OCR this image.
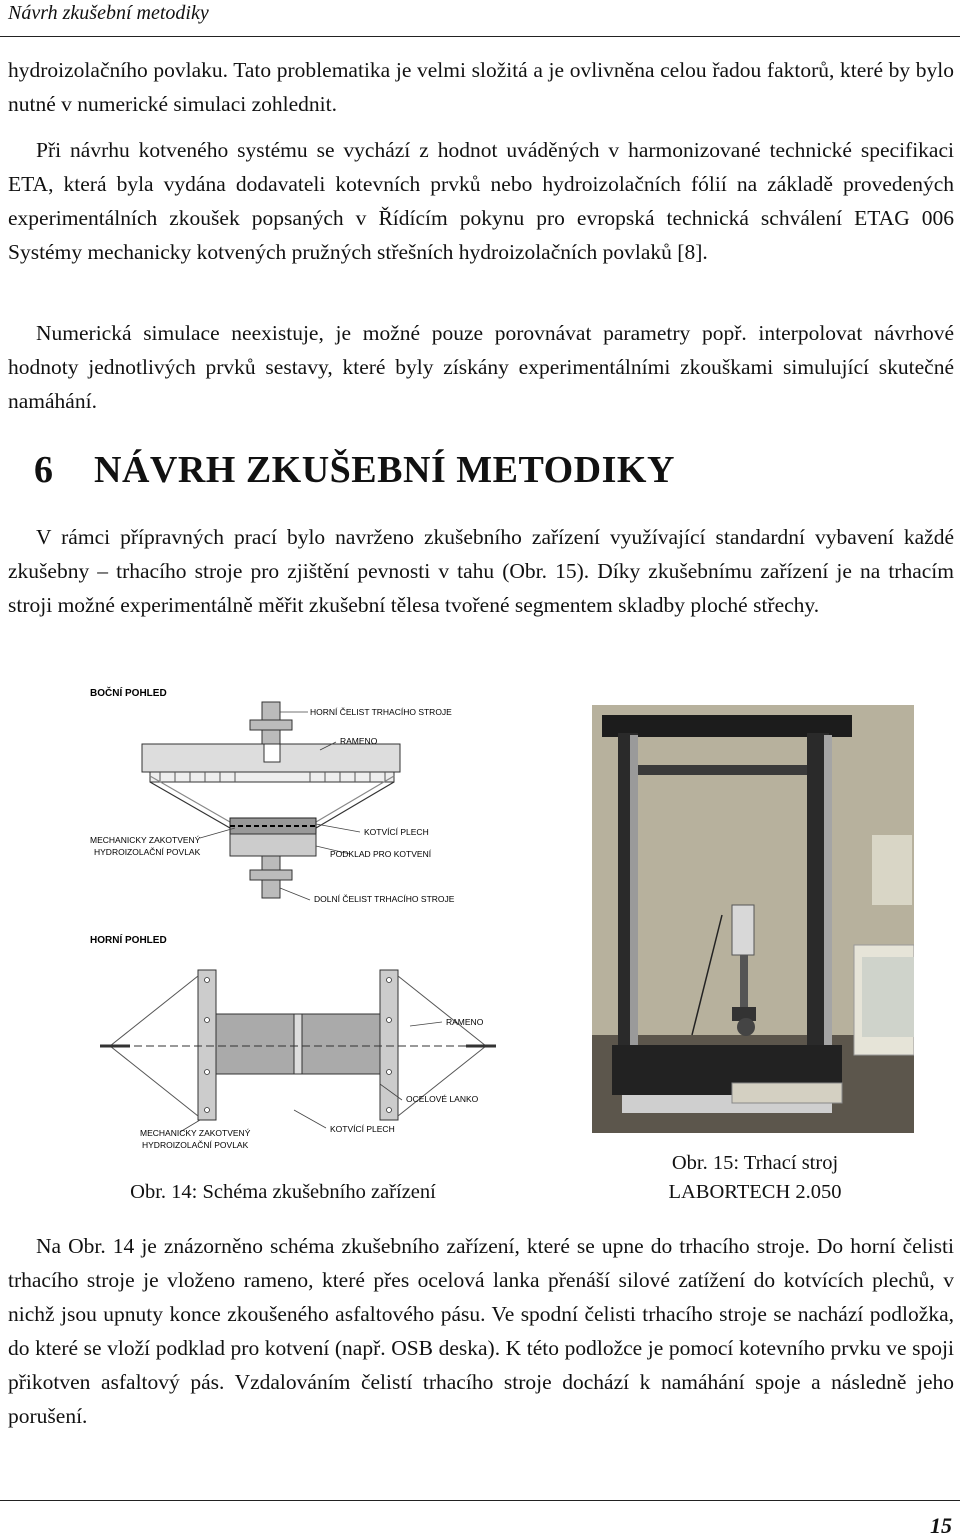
Návrh zkušební metodiky

hydroizolačního povlaku. Tato problematika je velmi složitá a je ovlivněna celou řadou faktorů, které by bylo nutné v numerické simulaci zohlednit.

Při návrhu kotveného systému se vychází z hodnot uváděných v harmonizované technické specifikaci ETA, která byla vydána dodavateli kotevních prvků nebo hydroizolačních fólií na základě provedených experimentálních zkoušek popsaných v Řídícím pokynu pro evropská technická schválení ETAG 006 Systémy mechanicky kotvených pružných střešních hydroizolačních povlaků [8].

Numerická simulace neexistuje, je možné pouze porovnávat parametry popř. interpolovat návrhové hodnoty jednotlivých prvků sestavy, které byly získány experimentálními zkouškami simulující skutečné namáhání.

6 NÁVRH ZKUŠEBNÍ METODIKY

V rámci přípravných prací bylo navrženo zkušebního zařízení využívající standardní vybavení každé zkušebny – trhacího stroje pro zjištění pevnosti v tahu (Obr. 15). Díky zkušebnímu zařízení je na trhacím stroji možné experimentálně měřit zkušební tělesa tvořené segmentem skladby ploché střechy.

BOČNÍ POHLED
HORNÍ ČELIST TRHACÍHO STROJE
RAMENO
MECHANICKY ZAKOTVENÝ
HYDROIZOLAČNÍ POVLAK
KOTVÍCÍ PLECH
PODKLAD PRO KOTVENÍ
DOLNÍ ČELIST TRHACÍHO STROJE
HORNÍ POHLED
RAMENO
OCELOVÉ LANKO
KOTVÍCÍ PLECH
MECHANICKY ZAKOTVENÝ
HYDROIZOLAČNÍ POVLAK
Obr. 14: Schéma zkušebního zařízení
Obr. 15: Trhací stroj
LABORTECH 2.050

Na Obr. 14 je znázorněno schéma zkušebního zařízení, které se upne do trhacího stroje. Do horní čelisti trhacího stroje je vloženo rameno, které přes ocelová lanka přenáší silové zatížení do kotvících plechů, v nichž jsou upnuty konce zkoušeného asfaltového pásu. Ve spodní čelisti trhacího stroje se nachází podložka, do které se vloží podklad pro kotvení (např. OSB deska). K této podložce je pomocí kotevního prvku ve spoji přikotven asfaltový pás. Vzdalováním čelistí trhacího stroje dochází k namáhání spoje a následně jeho porušení.

15
